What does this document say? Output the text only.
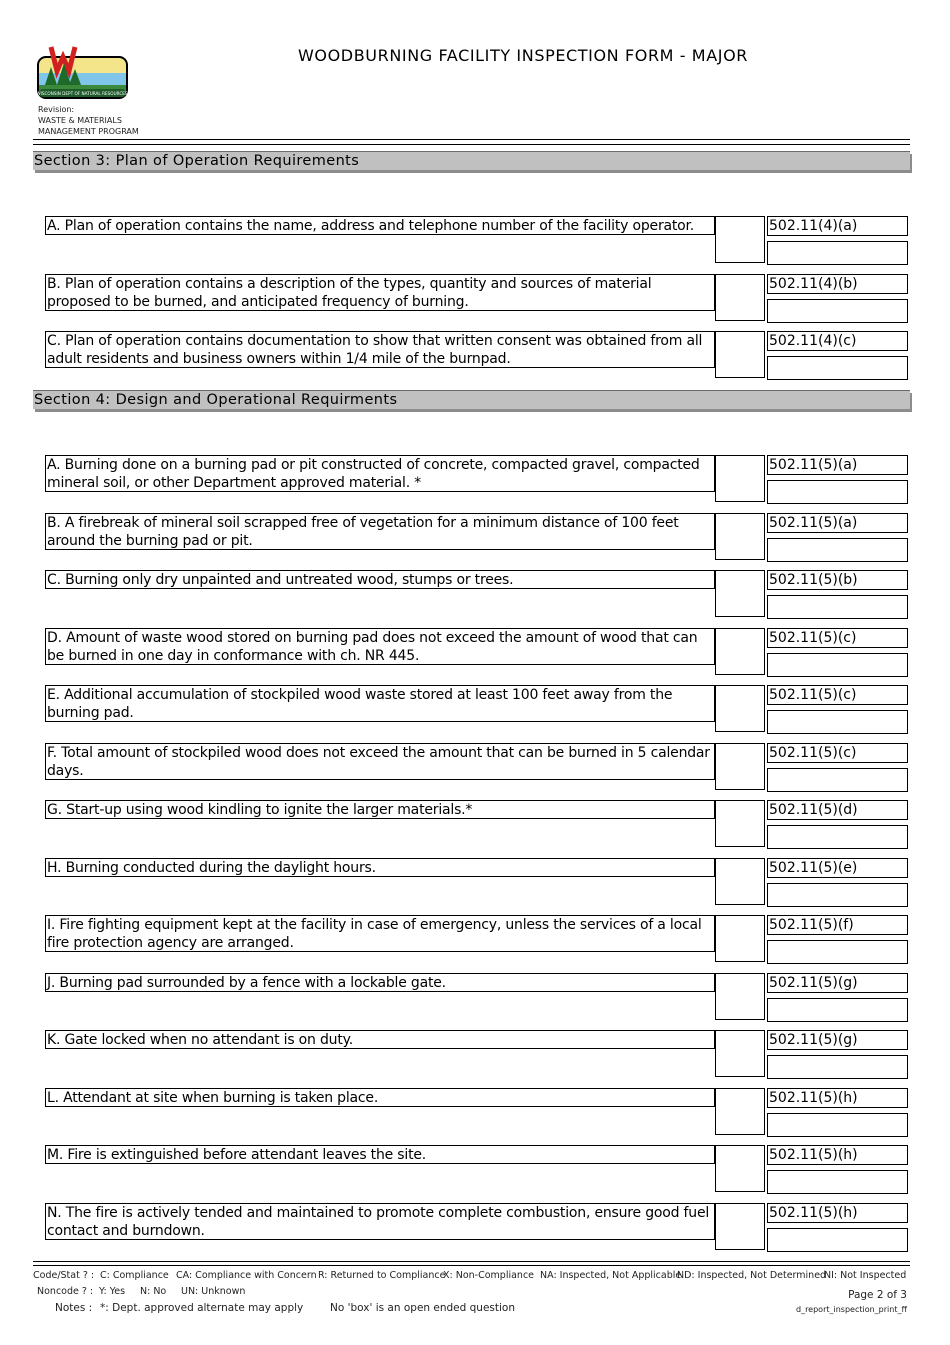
WISCONSIN DEPT OF NATURAL RESOURCES
Revision:
WASTE & MATERIALS
MANAGEMENT PROGRAM
WOODBURNING FACILITY INSPECTION FORM - MAJOR
Section 3: Plan of Operation Requirements
A. Plan of operation contains the name, address and telephone number of the facility operator.	502.11(4)(a)
B. Plan of operation contains a description of the types, quantity and sources of material proposed to be burned, and anticipated frequency of burning.
502.11(4)(b)
C. Plan of operation contains documentation to show that written consent was obtained from all adult residents and business owners within 1/4 mile of the burnpad.
502.11(4)(c)
Section 4: Design and Operational Requirments
A. Burning done on a burning pad or pit constructed of concrete, compacted gravel, compacted mineral soil, or other Department approved material. *
502.11(5)(a)
B. A firebreak of mineral soil scrapped free of vegetation for a minimum distance of 100 feet around the burning pad or pit.
502.11(5)(a)
C. Burning only dry unpainted and untreated wood, stumps or trees.	502.11(5)(b)
D. Amount of waste wood stored on burning pad does not exceed the amount of wood that can be burned in one day in conformance with ch. NR 445.
502.11(5)(c)
E. Additional accumulation of stockpiled wood waste stored at least 100 feet away from the burning pad.
502.11(5)(c)
F. Total amount of stockpiled wood does not exceed the amount that can be burned in 5 calendar days.
502.11(5)(c)
G. Start-up using wood kindling to ignite the larger materials.*	502.11(5)(d)
H. Burning conducted during the daylight hours.	502.11(5)(e)
I. Fire fighting equipment kept at the facility in case of emergency, unless the services of a local fire protection agency are arranged.
502.11(5)(f)
J. Burning pad surrounded by a fence with a lockable gate.	502.11(5)(g)
K. Gate locked when no attendant is on duty.	502.11(5)(g)
L. Attendant at site when burning is taken place.	502.11(5)(h)
M. Fire is extinguished before attendant leaves the site.	502.11(5)(h)
N. The fire is actively tended and maintained to promote complete combustion, ensure good fuel contact and burndown.
502.11(5)(h)
Code/Stat ? : C: Compliance CA: Compliance with Concern R: Returned to Compliance
X: Non-Compliance NA: Inspected, Not Applicable
ND: Inspected, Not Determined
NI: Not Inspected
Noncode ? : Y: Yes N: No UN: Unknown
Notes : *: Dept. approved alternate may apply	No 'box' is an open ended question
Page 2 of 3
d_report_inspection_print_ff
